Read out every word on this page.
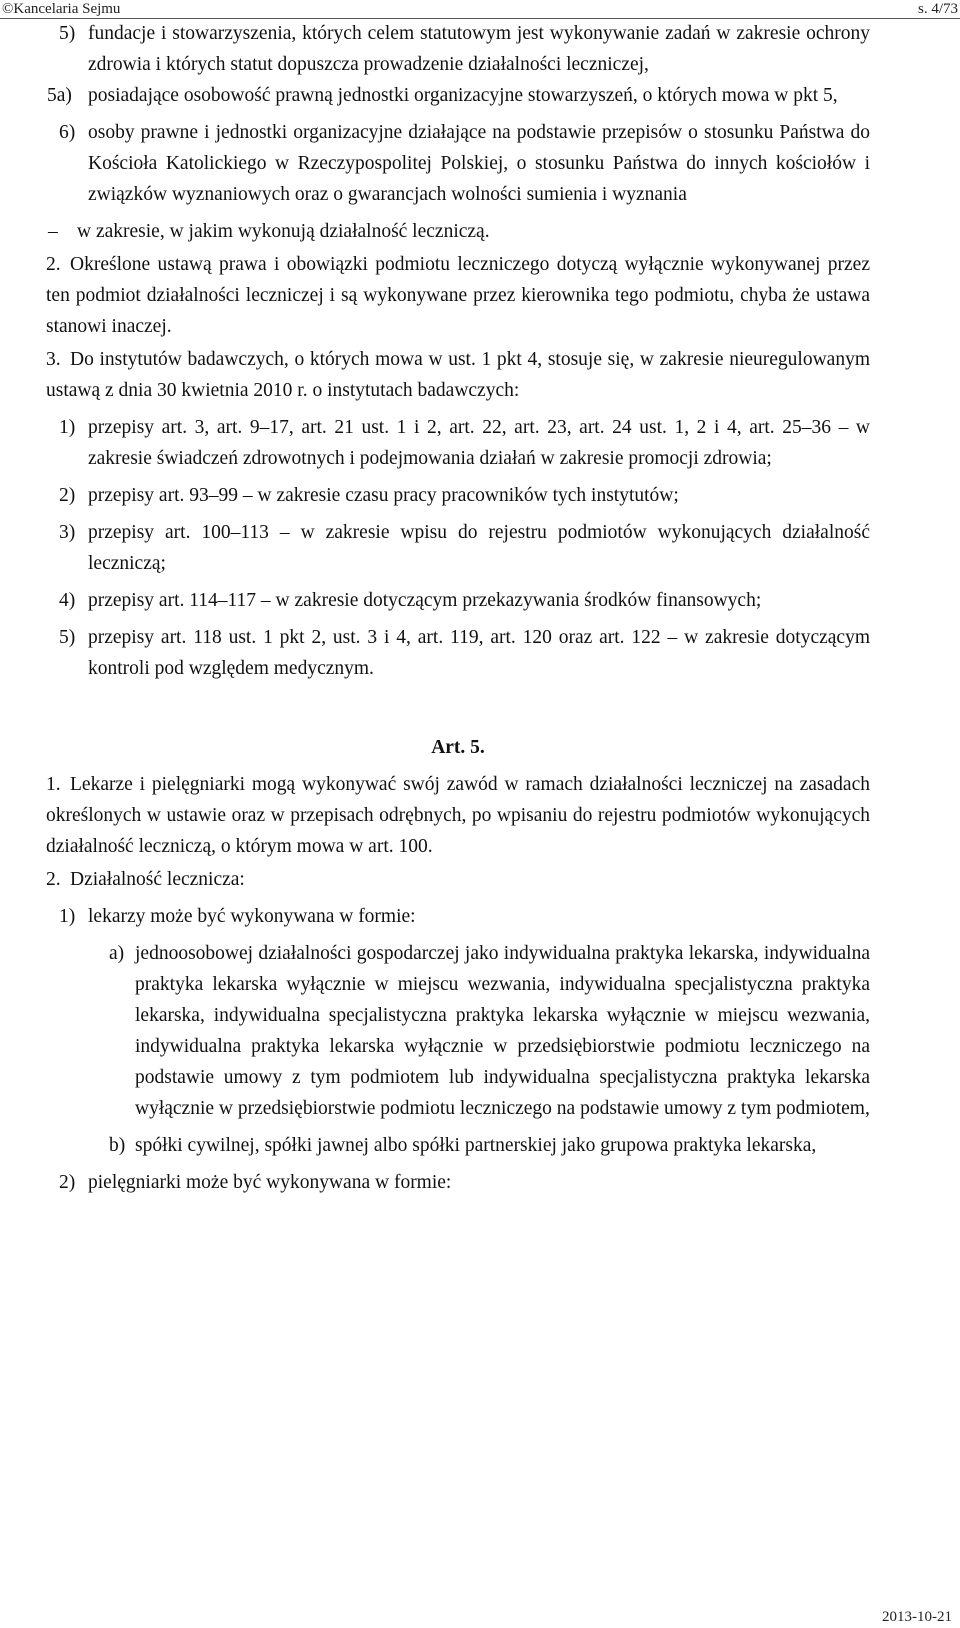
©Kancelaria Sejmu	s. 4/73
5) fundacje i stowarzyszenia, których celem statutowym jest wykonywanie zadań w zakresie ochrony zdrowia i których statut dopuszcza prowadzenie działalności leczniczej,
5a) posiadające osobowość prawną jednostki organizacyjne stowarzyszeń, o których mowa w pkt 5,
6) osoby prawne i jednostki organizacyjne działające na podstawie przepisów o stosunku Państwa do Kościoła Katolickiego w Rzeczypospolitej Polskiej, o stosunku Państwa do innych kościołów i związków wyznaniowych oraz o gwarancjach wolności sumienia i wyznania
– w zakresie, w jakim wykonują działalność leczniczą.
2. Określone ustawą prawa i obowiązki podmiotu leczniczego dotyczą wyłącznie wykonywanej przez ten podmiot działalności leczniczej i są wykonywane przez kierownika tego podmiotu, chyba że ustawa stanowi inaczej.
3. Do instytutów badawczych, o których mowa w ust. 1 pkt 4, stosuje się, w zakresie nieuregulowanym ustawą z dnia 30 kwietnia 2010 r. o instytutach badawczych:
1) przepisy art. 3, art. 9–17, art. 21 ust. 1 i 2, art. 22, art. 23, art. 24 ust. 1, 2 i 4, art. 25–36 – w zakresie świadczeń zdrowotnych i podejmowania działań w zakresie promocji zdrowia;
2) przepisy art. 93–99 – w zakresie czasu pracy pracowników tych instytutów;
3) przepisy art. 100–113 – w zakresie wpisu do rejestru podmiotów wykonujących działalność leczniczą;
4) przepisy art. 114–117 – w zakresie dotyczącym przekazywania środków finansowych;
5) przepisy art. 118 ust. 1 pkt 2, ust. 3 i 4, art. 119, art. 120 oraz art. 122 – w zakresie dotyczącym kontroli pod względem medycznym.
Art. 5.
1. Lekarze i pielęgniarki mogą wykonywać swój zawód w ramach działalności leczniczej na zasadach określonych w ustawie oraz w przepisach odrębnych, po wpisaniu do rejestru podmiotów wykonujących działalność leczniczą, o którym mowa w art. 100.
2. Działalność lecznicza:
1) lekarzy może być wykonywana w formie:
a) jednoosobowej działalności gospodarczej jako indywidualna praktyka lekarska, indywidualna praktyka lekarska wyłącznie w miejscu wezwania, indywidualna specjalistyczna praktyka lekarska, indywidualna specjalistyczna praktyka lekarska wyłącznie w miejscu wezwania, indywidualna praktyka lekarska wyłącznie w przedsiębiorstwie podmiotu leczniczego na podstawie umowy z tym podmiotem lub indywidualna specjalistyczna praktyka lekarska wyłącznie w przedsiębiorstwie podmiotu leczniczego na podstawie umowy z tym podmiotem,
b) spółki cywilnej, spółki jawnej albo spółki partnerskiej jako grupowa praktyka lekarska,
2) pielęgniarki może być wykonywana w formie:
2013-10-21
